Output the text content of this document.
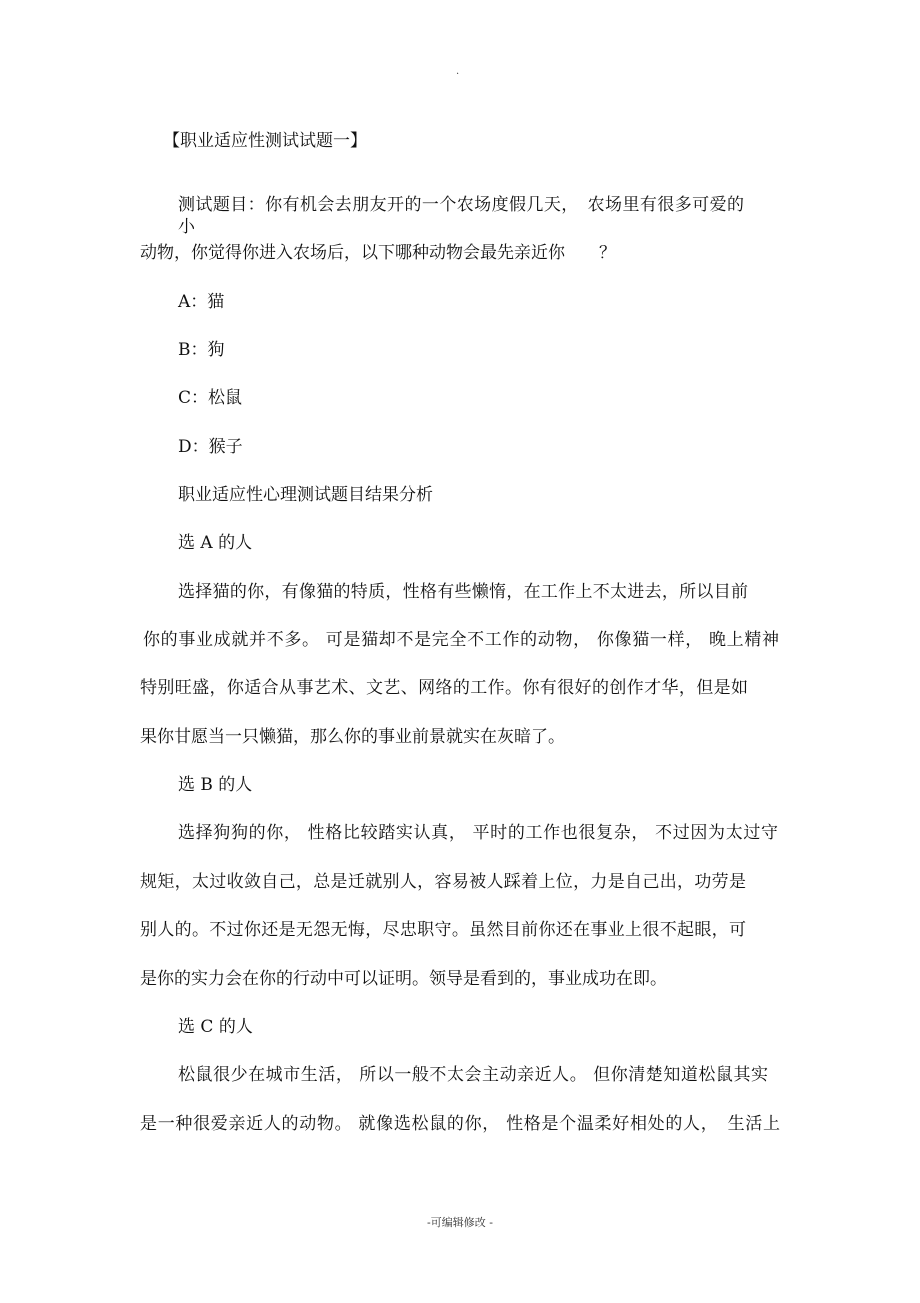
.
【职业适应性测试试题一】
测试题目：你有机会去朋友开的一个农场度假几天，　农场里有很多可爱的小
动物，你觉得你进入农场后，以下哪种动物会最先亲近你　　？
A：猫
B：狗
C：松鼠
D：猴子
职业适应性心理测试题目结果分析
选 A 的人
选择猫的你，有像猫的特质，性格有些懒惰，在工作上不太进去，所以目前
你的事业成就并不多。 可是猫却不是完全不工作的动物， 你像猫一样， 晚上精神
特别旺盛，你适合从事艺术、文艺、网络的工作。你有很好的创作才华，但是如
果你甘愿当一只懒猫，那么你的事业前景就实在灰暗了。
选 B 的人
选择狗狗的你， 性格比较踏实认真， 平时的工作也很复杂， 不过因为太过守
规矩，太过收敛自己，总是迁就别人，容易被人踩着上位，力是自己出，功劳是
别人的。不过你还是无怨无悔，尽忠职守。虽然目前你还在事业上很不起眼，可
是你的实力会在你的行动中可以证明。领导是看到的，事业成功在即。
选 C 的人
松鼠很少在城市生活， 所以一般不太会主动亲近人。 但你清楚知道松鼠其实
是一种很爱亲近人的动物。 就像选松鼠的你， 性格是个温柔好相处的人，　生活上
-可编辑修改 -
